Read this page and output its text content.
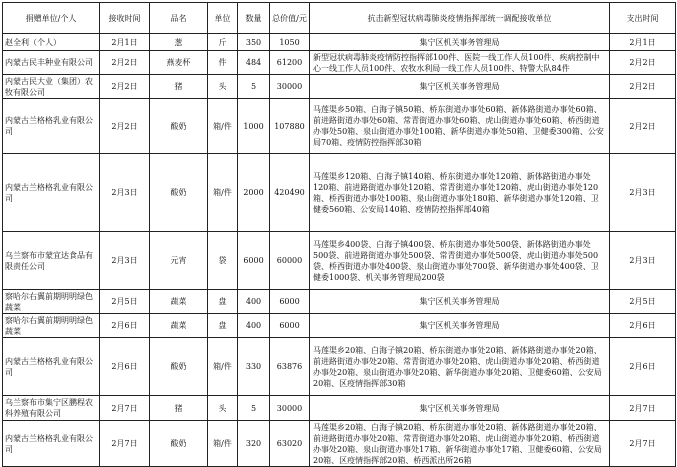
捐赠单位/个人	接收时间	品名	单位	数量	总价值/元	抗击新型冠状病毒肺炎疫情指挥部统一调配接收单位	支出时间
赵全利（个人）	2月1日	葱	斤	350	1050	集宁区机关事务管理局	2月1日
内蒙古民丰种业有限公司	2月2日	燕麦杯	件	484	61200	新型冠状病毒肺炎疫情防控指挥部100件、医院一线工作人员100件、疾病控制中心一线工作人员100件、农牧水利局一线工作人员100件、特警大队84件	2月2日
内蒙古民大业（集团）农牧有限公司	2月2日	猪	头	5	30000	集宁区机关事务管理局	2月2日
内蒙古兰格格乳业有限公司	2月2日	酸奶	箱/件	1000	107880	马莲渠乡50箱、白海子镇50箱、桥东街道办事处60箱、新体路街道办事处60箱、前进路街道办事处60箱、常青街道办事处60箱、虎山街道办事处60箱、桥西街道办事处50箱、泉山街道办事处100箱、新华街道办事处50箱、卫健委300箱、公安局70箱、疫情防控指挥部30箱	2月2日
内蒙古兰格格乳业有限公司	2月3日	酸奶	箱/件	2000	420490	马莲渠乡120箱、白海子镇140箱、桥东街道办事处120箱、新体路街道办事处120箱、前进路街道办事处120箱、常青街道办事处120箱、虎山街道办事处120箱、桥西街道办事处100箱、泉山街道办事处180箱、新华街道办事处120箱、卫健委560箱、公安局140箱、疫情防控指挥部40箱	2月3日
乌兰察布市蒙宜达食品有限责任公司	2月3日	元宵	袋	6000	60000	马莲渠乡400袋、白海子镇400袋、桥东街道办事处500袋、新体路街道办事处500袋、前进路街道办事处500袋、常青街道办事处500袋、虎山街道办事处500袋、桥西街道办事处400袋、泉山街道办事处700袋、新华街道办事处400袋、卫健委1000袋、机关事务管理局200袋	2月3日
察哈尔右翼前期明明绿色蔬菜	2月5日	蔬菜	盘	400	6000	集宁区机关事务管理局	2月5日
察哈尔右翼前期明明绿色蔬菜	2月6日	蔬菜	盘	400	6000	集宁区机关事务管理局	2月6日
内蒙古兰格格乳业有限公司	2月6日	酸奶	箱/件	330	63876	马莲渠乡20箱、白海子镇20箱、桥东街道办事处20箱、新体路街道办事处20箱、前进路街道办事处20箱、常青街道办事处20箱、虎山街道办事处20箱、桥西街道办事处20箱、泉山街道办事处20箱、新华街道办事处20箱、卫健委60箱、公安局20箱、区疫情指挥部30箱	2月6日
乌兰察布市集宁区鹏程农科养殖有限公司	2月7日	猪	头	5	30000	集宁区机关事务管理局	2月7日
内蒙古兰格格乳业有限公司	2月7日	酸奶	箱/件	320	63020	马莲渠乡20箱、白海子镇20箱、桥东街道办事处20箱、新体路街道办事处20箱、前进路街道办事处20箱、常青街道办事处20箱、虎山街道办事处20箱、桥西街道办事处20箱、泉山街道办事处17箱、新华街道办事处17箱、卫健委60箱、公安局20箱、区疫情指挥部20箱、桥西派出所26箱	2月7日
